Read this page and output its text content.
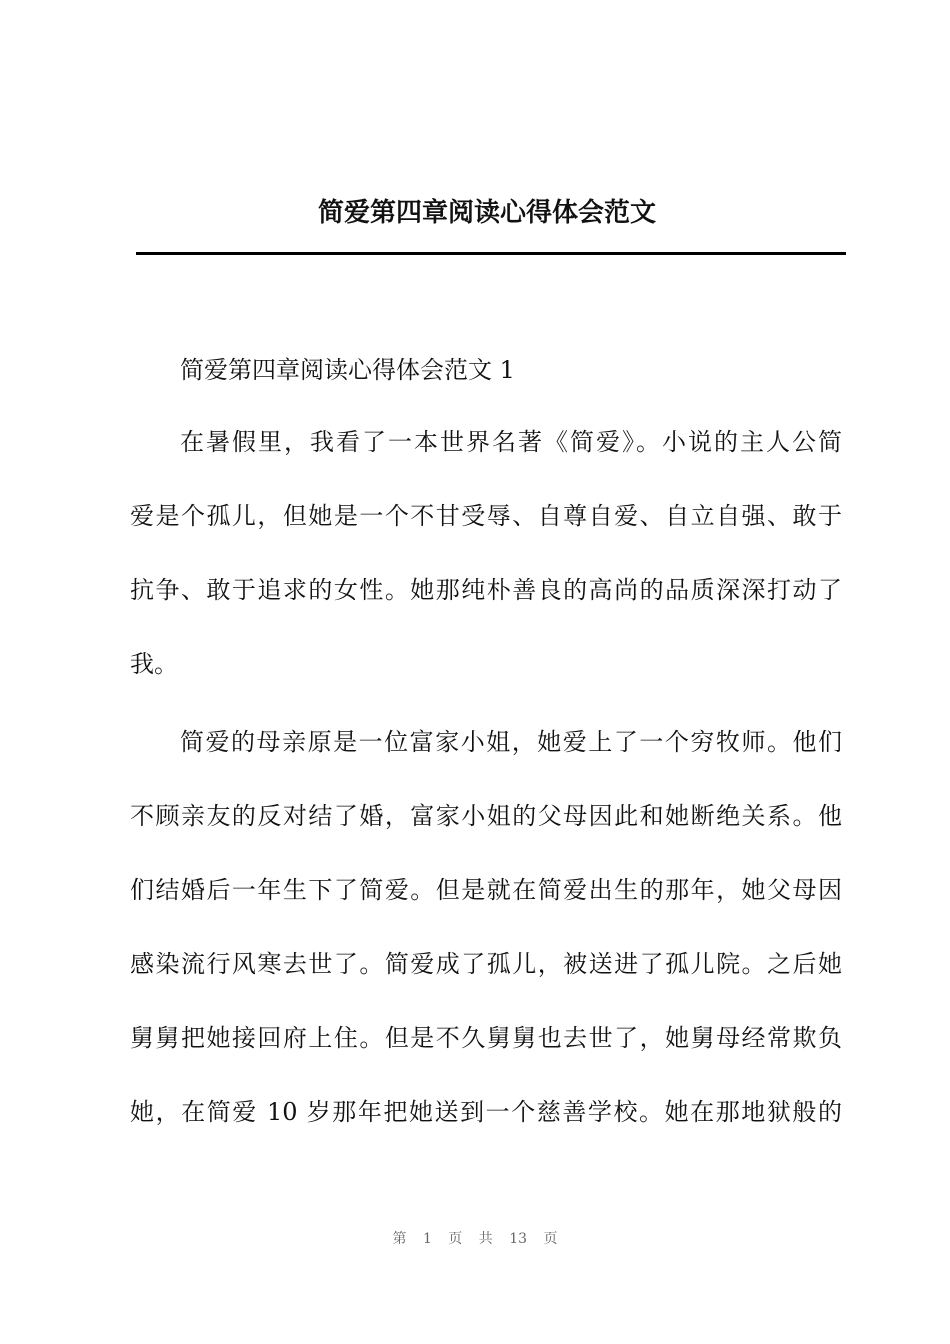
简爱第四章阅读心得体会范文
简爱第四章阅读心得体会范文 1
在暑假里，我看了一本世界名著《简爱》。小说的主人公简
爱是个孤儿，但她是一个不甘受辱、自尊自爱、自立自强、敢于
抗争、敢于追求的女性。她那纯朴善良的高尚的品质深深打动了
我。
简爱的母亲原是一位富家小姐，她爱上了一个穷牧师。他们
不顾亲友的反对结了婚，富家小姐的父母因此和她断绝关系。他
们结婚后一年生下了简爱。但是就在简爱出生的那年，她父母因
感染流行风寒去世了。简爱成了孤儿，被送进了孤儿院。之后她
舅舅把她接回府上住。但是不久舅舅也去世了，她舅母经常欺负
她，在简爱 10 岁那年把她送到一个慈善学校。她在那地狱般的
第 1 页 共 13 页
